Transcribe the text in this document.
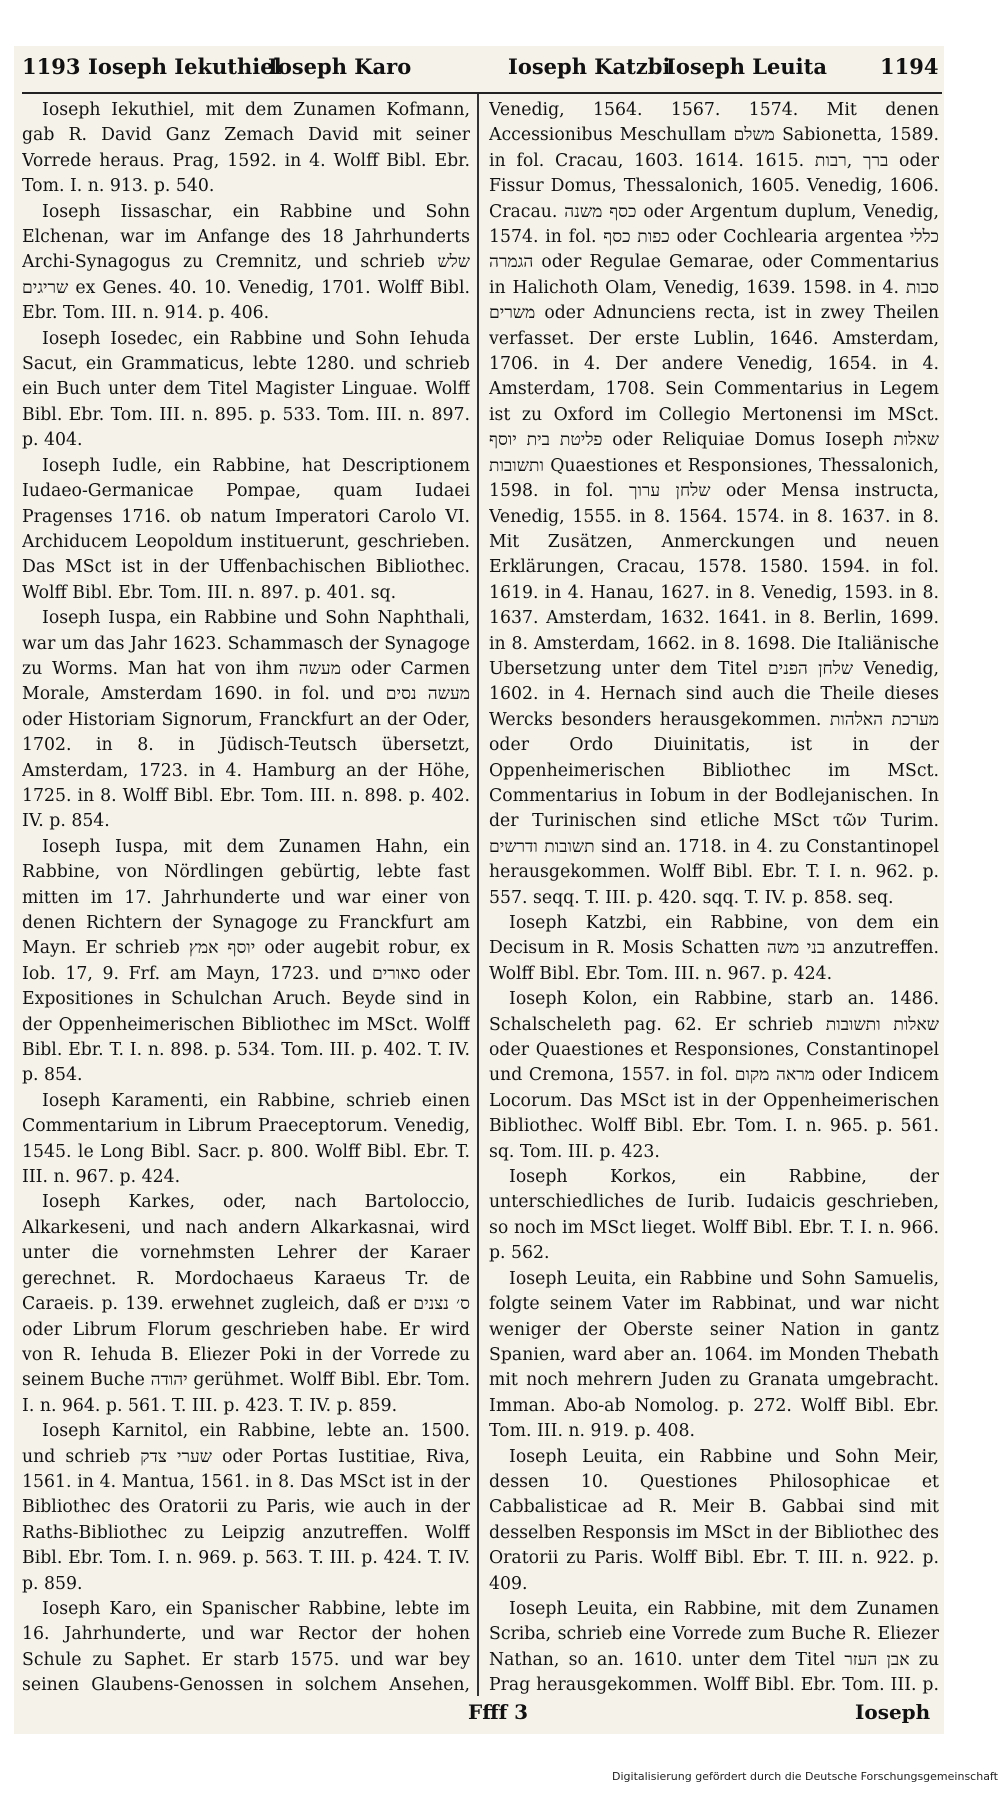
1193 Ioseph Iekuthiel
Ioseph Karo	Ioseph Katzbi
Ioseph Leuita	1194

Ioseph Iekuthiel, mit dem Zunamen Kofmann, gab R. David Ganz Zemach David mit seiner Vorrede heraus. Prag, 1592. in 4. Wolff Bibl. Ebr. Tom. I. n. 913. p. 540.

Ioseph Iissaschar, ein Rabbine und Sohn Elchenan, war im Anfange des 18 Jahrhunderts Archi-Synagogus zu Cremnitz, und schrieb שלש שריגים ex Genes. 40. 10. Venedig, 1701. Wolff Bibl. Ebr. Tom. III. n. 914. p. 406.

Ioseph Iosedec, ein Rabbine und Sohn Iehuda Sacut, ein Grammaticus, lebte 1280. und schrieb ein Buch unter dem Titel Magister Linguae. Wolff Bibl. Ebr. Tom. III. n. 895. p. 533. Tom. III. n. 897. p. 404.

Ioseph Iudle, ein Rabbine, hat Descriptionem Iudaeo-Germanicae Pompae, quam Iudaei Pragenses 1716. ob natum Imperatori Carolo VI. Archiducem Leopoldum instituerunt, geschrieben. Das MSct ist in der Uffenbachischen Bibliothec. Wolff Bibl. Ebr. Tom. III. n. 897. p. 401. sq.

Ioseph Iuspa, ein Rabbine und Sohn Naphthali, war um das Jahr 1623. Schammasch der Synagoge zu Worms. Man hat von ihm מעשה oder Carmen Morale, Amsterdam 1690. in fol. und מעשה נסים oder Historiam Signorum, Franckfurt an der Oder, 1702. in 8. in Jüdisch-Teutsch übersetzt, Amsterdam, 1723. in 4. Hamburg an der Höhe, 1725. in 8. Wolff Bibl. Ebr. Tom. III. n. 898. p. 402. IV. p. 854.

Ioseph Iuspa, mit dem Zunamen Hahn, ein Rabbine, von Nördlingen gebürtig, lebte fast mitten im 17. Jahrhunderte und war einer von denen Richtern der Synagoge zu Franckfurt am Mayn. Er schrieb יוסף אמץ oder augebit robur, ex Iob. 17, 9. Frf. am Mayn, 1723. und סאורים oder Expositiones in Schulchan Aruch. Beyde sind in der Oppenheimerischen Bibliothec im MSct. Wolff Bibl. Ebr. T. I. n. 898. p. 534. Tom. III. p. 402. T. IV. p. 854.

Ioseph Karamenti, ein Rabbine, schrieb einen Commentarium in Librum Praeceptorum. Venedig, 1545. le Long Bibl. Sacr. p. 800. Wolff Bibl. Ebr. T. III. n. 967. p. 424.

Ioseph Karkes, oder, nach Bartoloccio, Alkarkeseni, und nach andern Alkarkasnai, wird unter die vornehmsten Lehrer der Karaer gerechnet. R. Mordochaeus Karaeus Tr. de Caraeis. p. 139. erwehnet zugleich, daß er ס׳ נצנים oder Librum Florum geschrieben habe. Er wird von R. Iehuda B. Eliezer Poki in der Vorrede zu seinem Buche יהודה gerühmet. Wolff Bibl. Ebr. Tom. I. n. 964. p. 561. T. III. p. 423. T. IV. p. 859.

Ioseph Karnitol, ein Rabbine, lebte an. 1500. und schrieb שערי צדק oder Portas Iustitiae, Riva, 1561. in 4. Mantua, 1561. in 8. Das MSct ist in der Bibliothec des Oratorii zu Paris, wie auch in der Raths-Bibliothec zu Leipzig anzutreffen. Wolff Bibl. Ebr. Tom. I. n. 969. p. 563. T. III. p. 424. T. IV. p. 859.

Ioseph Karo, ein Spanischer Rabbine, lebte im 16. Jahrhunderte, und war Rector der hohen Schule zu Saphet. Er starb 1575. und war bey seinen Glaubens-Genossen in solchem Ansehen,

Venedig, 1564. 1567. 1574. Mit denen Accessionibus Meschullam משלם Sabionetta, 1589. in fol. Cracau, 1603. 1614. 1615. ברך ,רבות oder Fissur Domus, Thessalonich, 1605. Venedig, 1606. Cracau. כסף משנה oder Argentum duplum, Venedig, 1574. in fol. כפות כסף oder Cochlearia argentea כללי הגמרה oder Regulae Gemarae, oder Commentarius in Halichoth Olam, Venedig, 1639. 1598. in 4. סבות משרים oder Adnunciens recta, ist in zwey Theilen verfasset. Der erste Lublin, 1646. Amsterdam, 1706. in 4. Der andere Venedig, 1654. in 4. Amsterdam, 1708. Sein Commentarius in Legem ist zu Oxford im Collegio Mertonensi im MSct. פליטת בית יוסף oder Reliquiae Domus Ioseph שאלות ותשובות Quaestiones et Responsiones, Thessalonich, 1598. in fol. שלחן ערוך oder Mensa instructa, Venedig, 1555. in 8. 1564. 1574. in 8. 1637. in 8. Mit Zusätzen, Anmerckungen und neuen Erklärungen, Cracau, 1578. 1580. 1594. in fol. 1619. in 4. Hanau, 1627. in 8. Venedig, 1593. in 8. 1637. Amsterdam, 1632. 1641. in 8. Berlin, 1699. in 8. Amsterdam, 1662. in 8. 1698. Die Italiänische Ubersetzung unter dem Titel שלחן הפנים Venedig, 1602. in 4. Hernach sind auch die Theile dieses Wercks besonders herausgekommen. מערכת האלהות oder Ordo Diuinitatis, ist in der Oppenheimerischen Bibliothec im MSct. Commentarius in Iobum in der Bodlejanischen. In der Turinischen sind etliche MSct τῶν Turim. תשובות ודרשים sind an. 1718. in 4. zu Constantinopel herausgekommen. Wolff Bibl. Ebr. T. I. n. 962. p. 557. seqq. T. III. p. 420. sqq. T. IV. p. 858. seq.

Ioseph Katzbi, ein Rabbine, von dem ein Decisum in R. Mosis Schatten בני משה anzutreffen. Wolff Bibl. Ebr. Tom. III. n. 967. p. 424.

Ioseph Kolon, ein Rabbine, starb an. 1486. Schalscheleth pag. 62. Er schrieb שאלות ותשובות oder Quaestiones et Responsiones, Constantinopel und Cremona, 1557. in fol. מראה מקום oder Indicem Locorum. Das MSct ist in der Oppenheimerischen Bibliothec. Wolff Bibl. Ebr. Tom. I. n. 965. p. 561. sq. Tom. III. p. 423.

Ioseph Korkos, ein Rabbine, der unterschiedliches de Iurib. Iudaicis geschrieben, so noch im MSct lieget. Wolff Bibl. Ebr. T. I. n. 966. p. 562.

Ioseph Leuita, ein Rabbine und Sohn Samuelis, folgte seinem Vater im Rabbinat, und war nicht weniger der Oberste seiner Nation in gantz Spanien, ward aber an. 1064. im Monden Thebath mit noch mehrern Juden zu Granata umgebracht. Imman. Abo-ab Nomolog. p. 272. Wolff Bibl. Ebr. Tom. III. n. 919. p. 408.

Ioseph Leuita, ein Rabbine und Sohn Meir, dessen 10. Questiones Philosophicae et Cabbalisticae ad R. Meir B. Gabbai sind mit desselben Responsis im MSct in der Bibliothec des Oratorii zu Paris. Wolff Bibl. Ebr. T. III. n. 922. p. 409.

Ioseph Leuita, ein Rabbine, mit dem Zunamen Scriba, schrieb eine Vorrede zum Buche R. Eliezer Nathan, so an. 1610. unter dem Titel אבן העזר zu Prag herausgekommen. Wolff Bibl. Ebr. Tom. III. p.

Ffff 3	Ioseph
Digitalisierung gefördert durch die Deutsche Forschungsgemeinschaft
